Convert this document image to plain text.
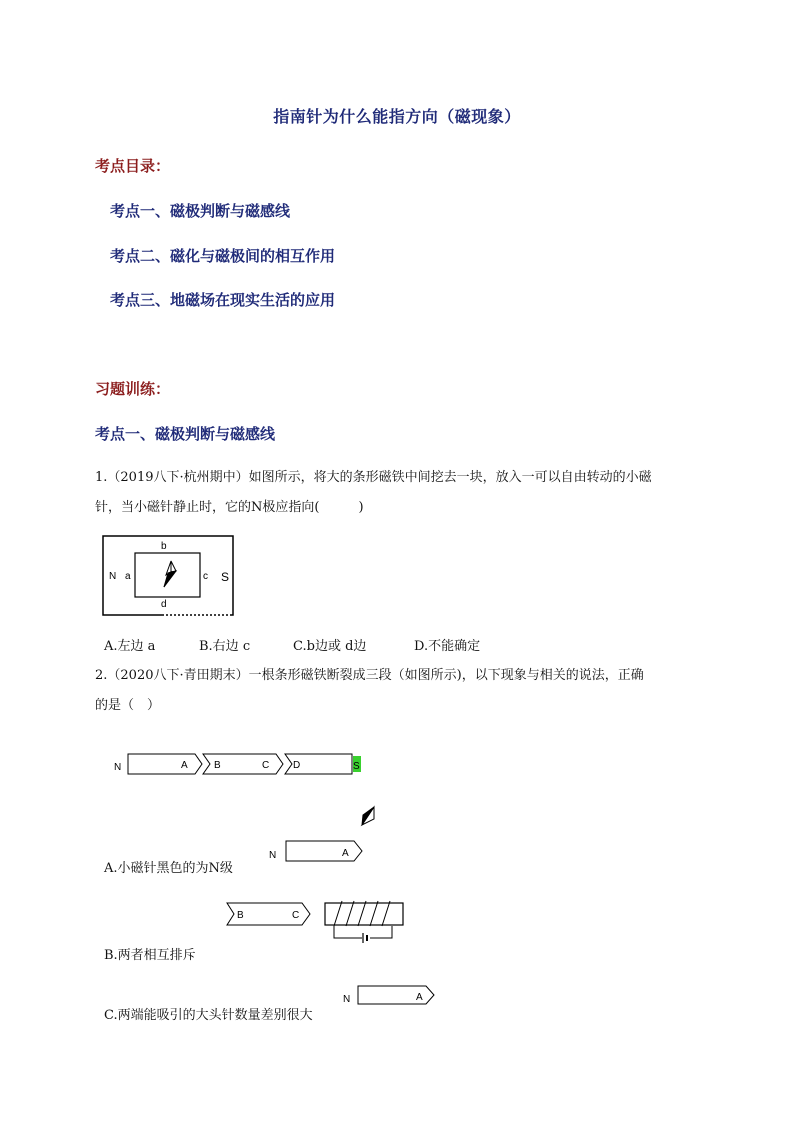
指南针为什么能指方向（磁现象）
考点目录：
考点一、磁极判断与磁感线
考点二、磁化与磁极间的相互作用
考点三、地磁场在现实生活的应用
习题训练：
考点一、磁极判断与磁感线
1.（2019八下·杭州期中）如图所示，将大的条形磁铁中间挖去一块，放入一可以自由转动的小磁
针，当小磁针静止时，它的N极应指向(　　　)
b
N a	c S
d
A.左边 a	B.右边 c	C.b边或 d边	D.不能确定
2.（2020八下·青田期末）一根条形磁铁断裂成三段（如图所示)，以下现象与相关的说法，正确
的是（　）
N	A	B	C D	S
N	A
A.小磁针黑色的为N级
B	C
B.两者相互排斥
N	A
C.两端能吸引的大头针数量差别很大
